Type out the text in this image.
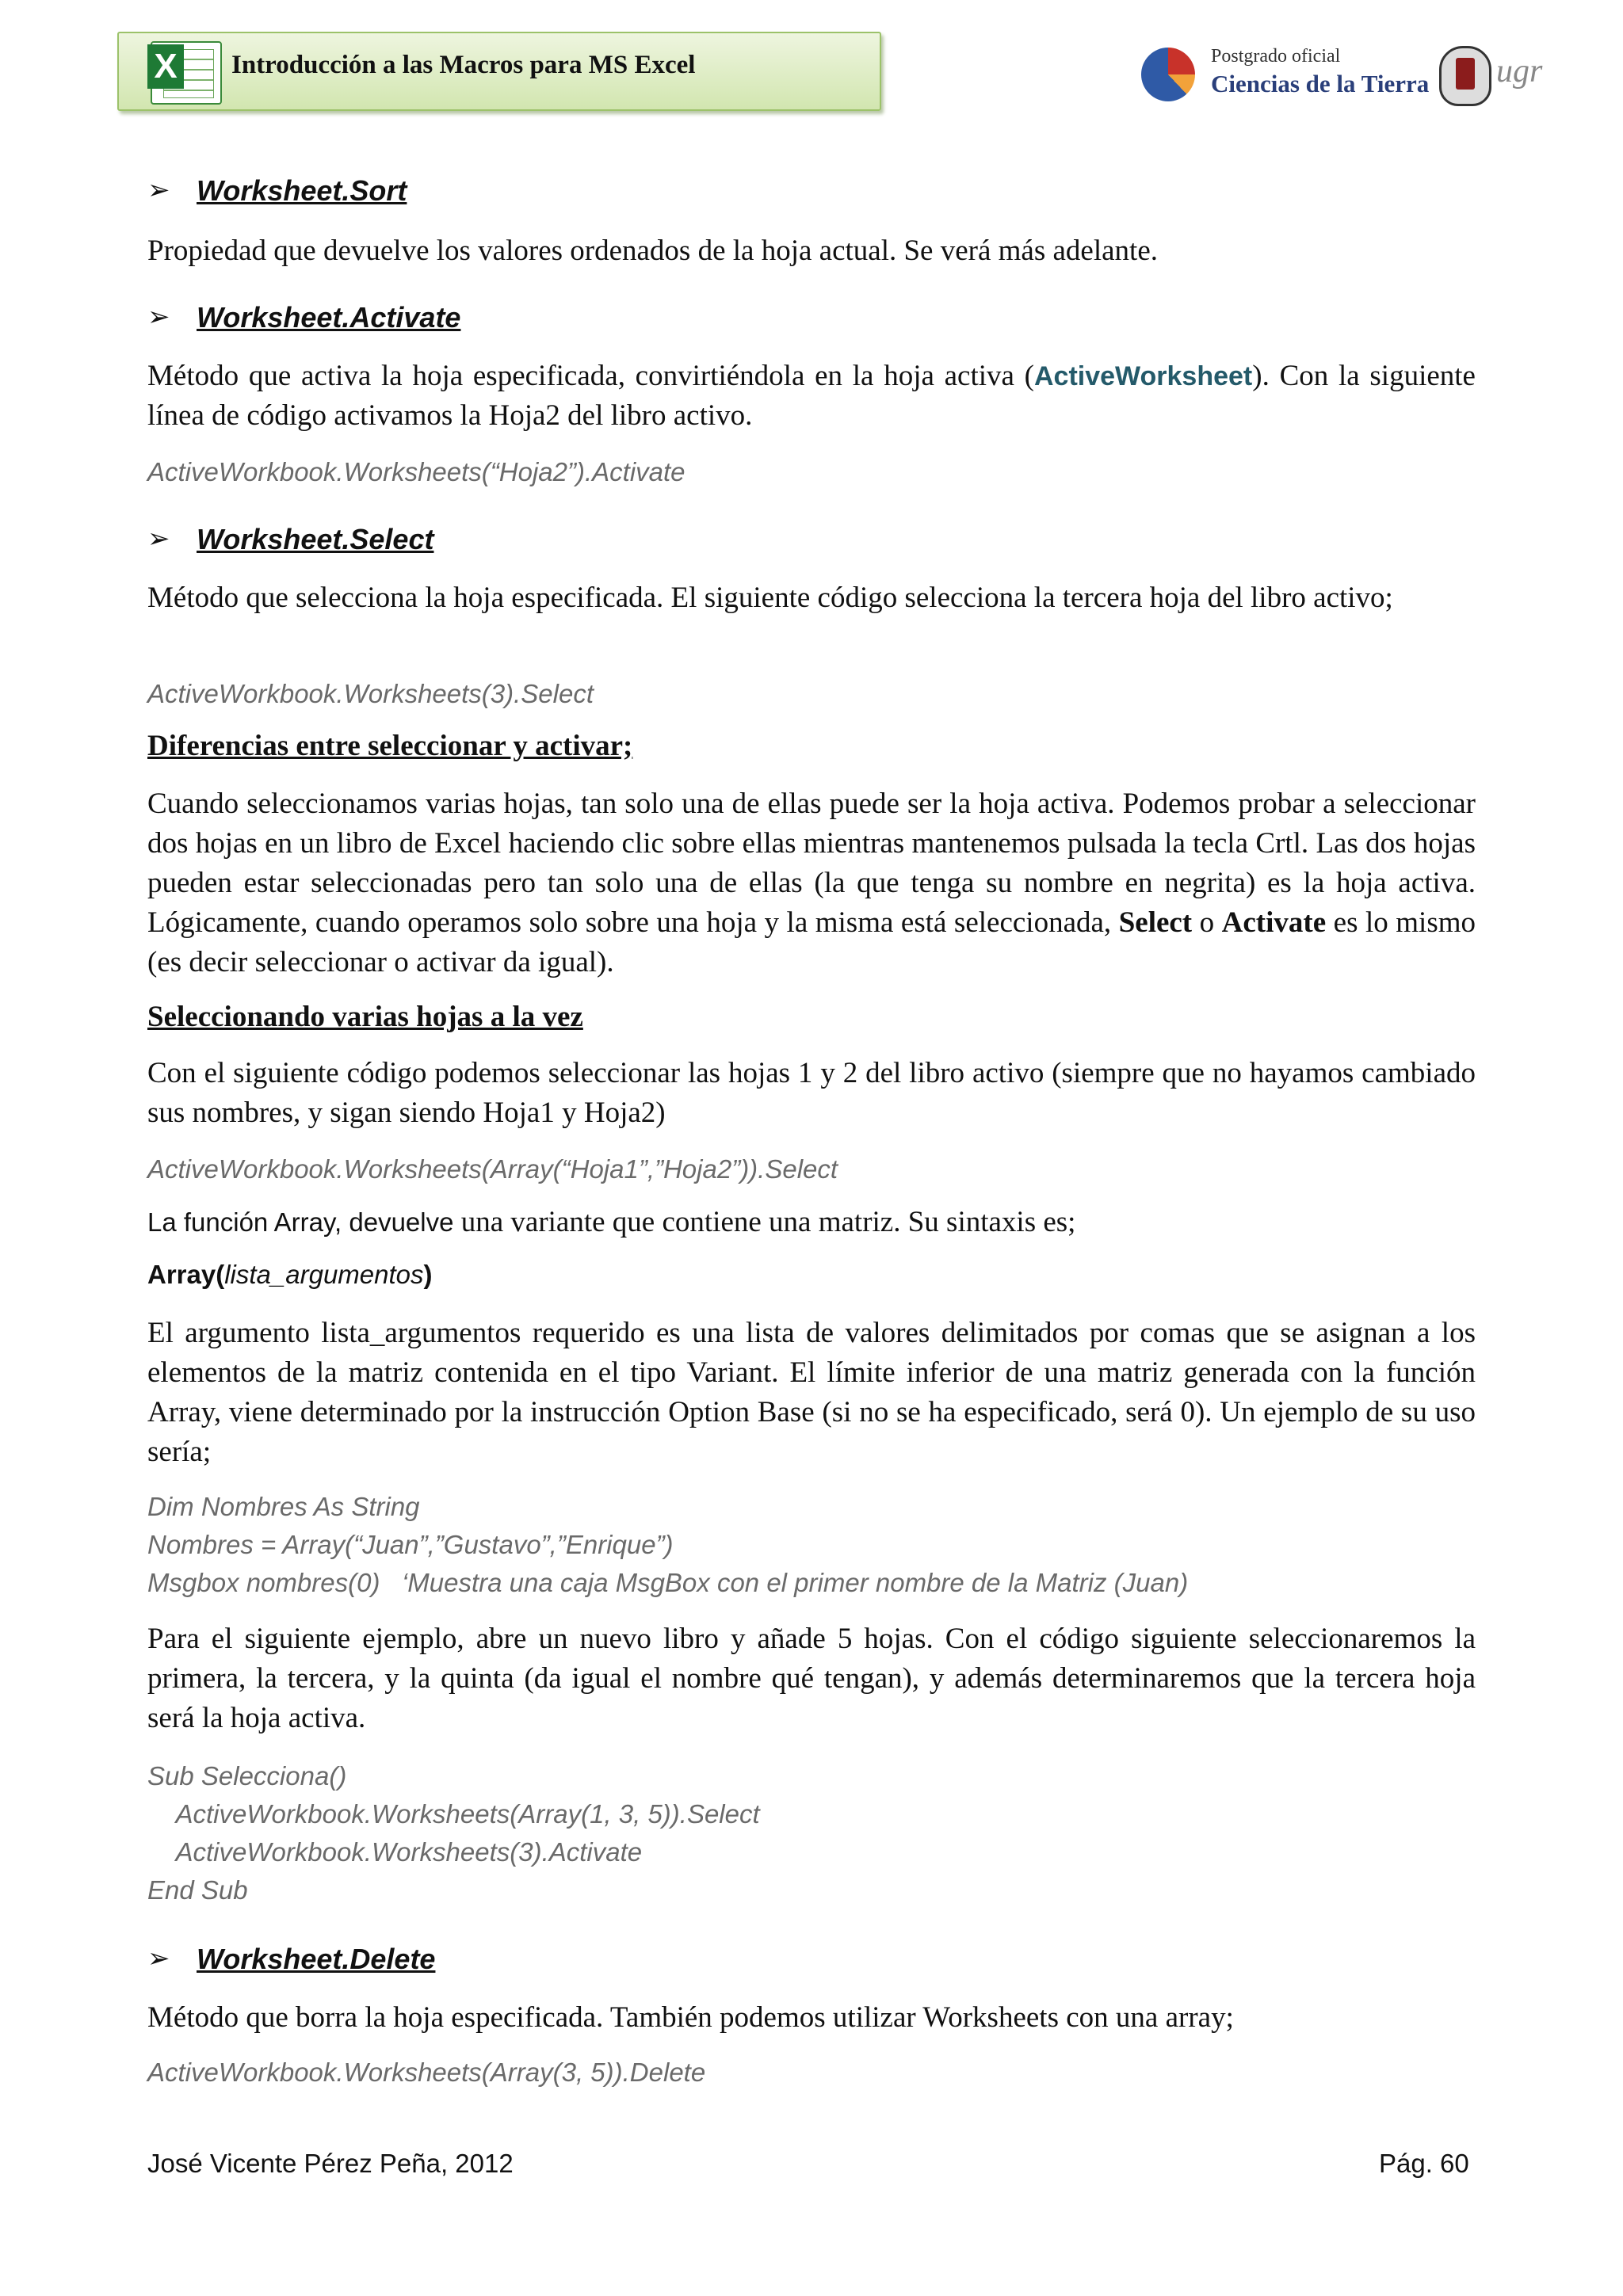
X Introducción a las Macros para MS Excel	Postgrado oficial
Ciencias de la Tierra ugr
➢ Worksheet.Sort

Propiedad que devuelve los valores ordenados de la hoja actual. Se verá más adelante.

➢ Worksheet.Activate

Método que activa la hoja especificada, convirtiéndola en la hoja activa (ActiveWorksheet). Con la siguiente línea de código activamos la Hoja2 del libro activo.

ActiveWorkbook.Worksheets(“Hoja2”).Activate
➢ Worksheet.Select

Método que selecciona la hoja especificada. El siguiente código selecciona la tercera hoja del libro activo;

ActiveWorkbook.Worksheets(3).Select
Diferencias entre seleccionar y activar;

Cuando seleccionamos varias hojas, tan solo una de ellas puede ser la hoja activa. Podemos probar a seleccionar dos hojas en un libro de Excel haciendo clic sobre ellas mientras mantenemos pulsada la tecla Crtl. Las dos hojas pueden estar seleccionadas pero tan solo una de ellas (la que tenga su nombre en negrita) es la hoja activa. Lógicamente, cuando operamos solo sobre una hoja y la misma está seleccionada, Select o Activate es lo mismo (es decir seleccionar o activar da igual).

Seleccionando varias hojas a la vez

Con el siguiente código podemos seleccionar las hojas 1 y 2 del libro activo (siempre que no hayamos cambiado sus nombres, y sigan siendo Hoja1 y Hoja2)

ActiveWorkbook.Worksheets(Array(“Hoja1”,”Hoja2”)).Select

La función Array, devuelve una variante que contiene una matriz. Su sintaxis es;

Array(lista_argumentos)

El argumento lista_argumentos requerido es una lista de valores delimitados por comas que se asignan a los elementos de la matriz contenida en el tipo Variant. El límite inferior de una matriz generada con la función Array, viene determinado por la instrucción Option Base (si no se ha especificado, será 0). Un ejemplo de su uso sería;

Dim Nombres As String
Nombres = Array(“Juan”,”Gustavo”,”Enrique”)
Msgbox nombres(0)   ‘Muestra una caja MsgBox con el primer nombre de la Matriz (Juan)

Para el siguiente ejemplo, abre un nuevo libro y añade 5 hojas. Con el código siguiente seleccionaremos la primera, la tercera, y la quinta (da igual el nombre qué tengan), y además determinaremos que la tercera hoja será la hoja activa.

Sub Selecciona()
ActiveWorkbook.Worksheets(Array(1, 3, 5)).Select
ActiveWorkbook.Worksheets(3).Activate
End Sub
➢ Worksheet.Delete

Método que borra la hoja especificada. También podemos utilizar Worksheets con una array;

ActiveWorkbook.Worksheets(Array(3, 5)).Delete
José Vicente Pérez Peña, 2012	Pág. 60
